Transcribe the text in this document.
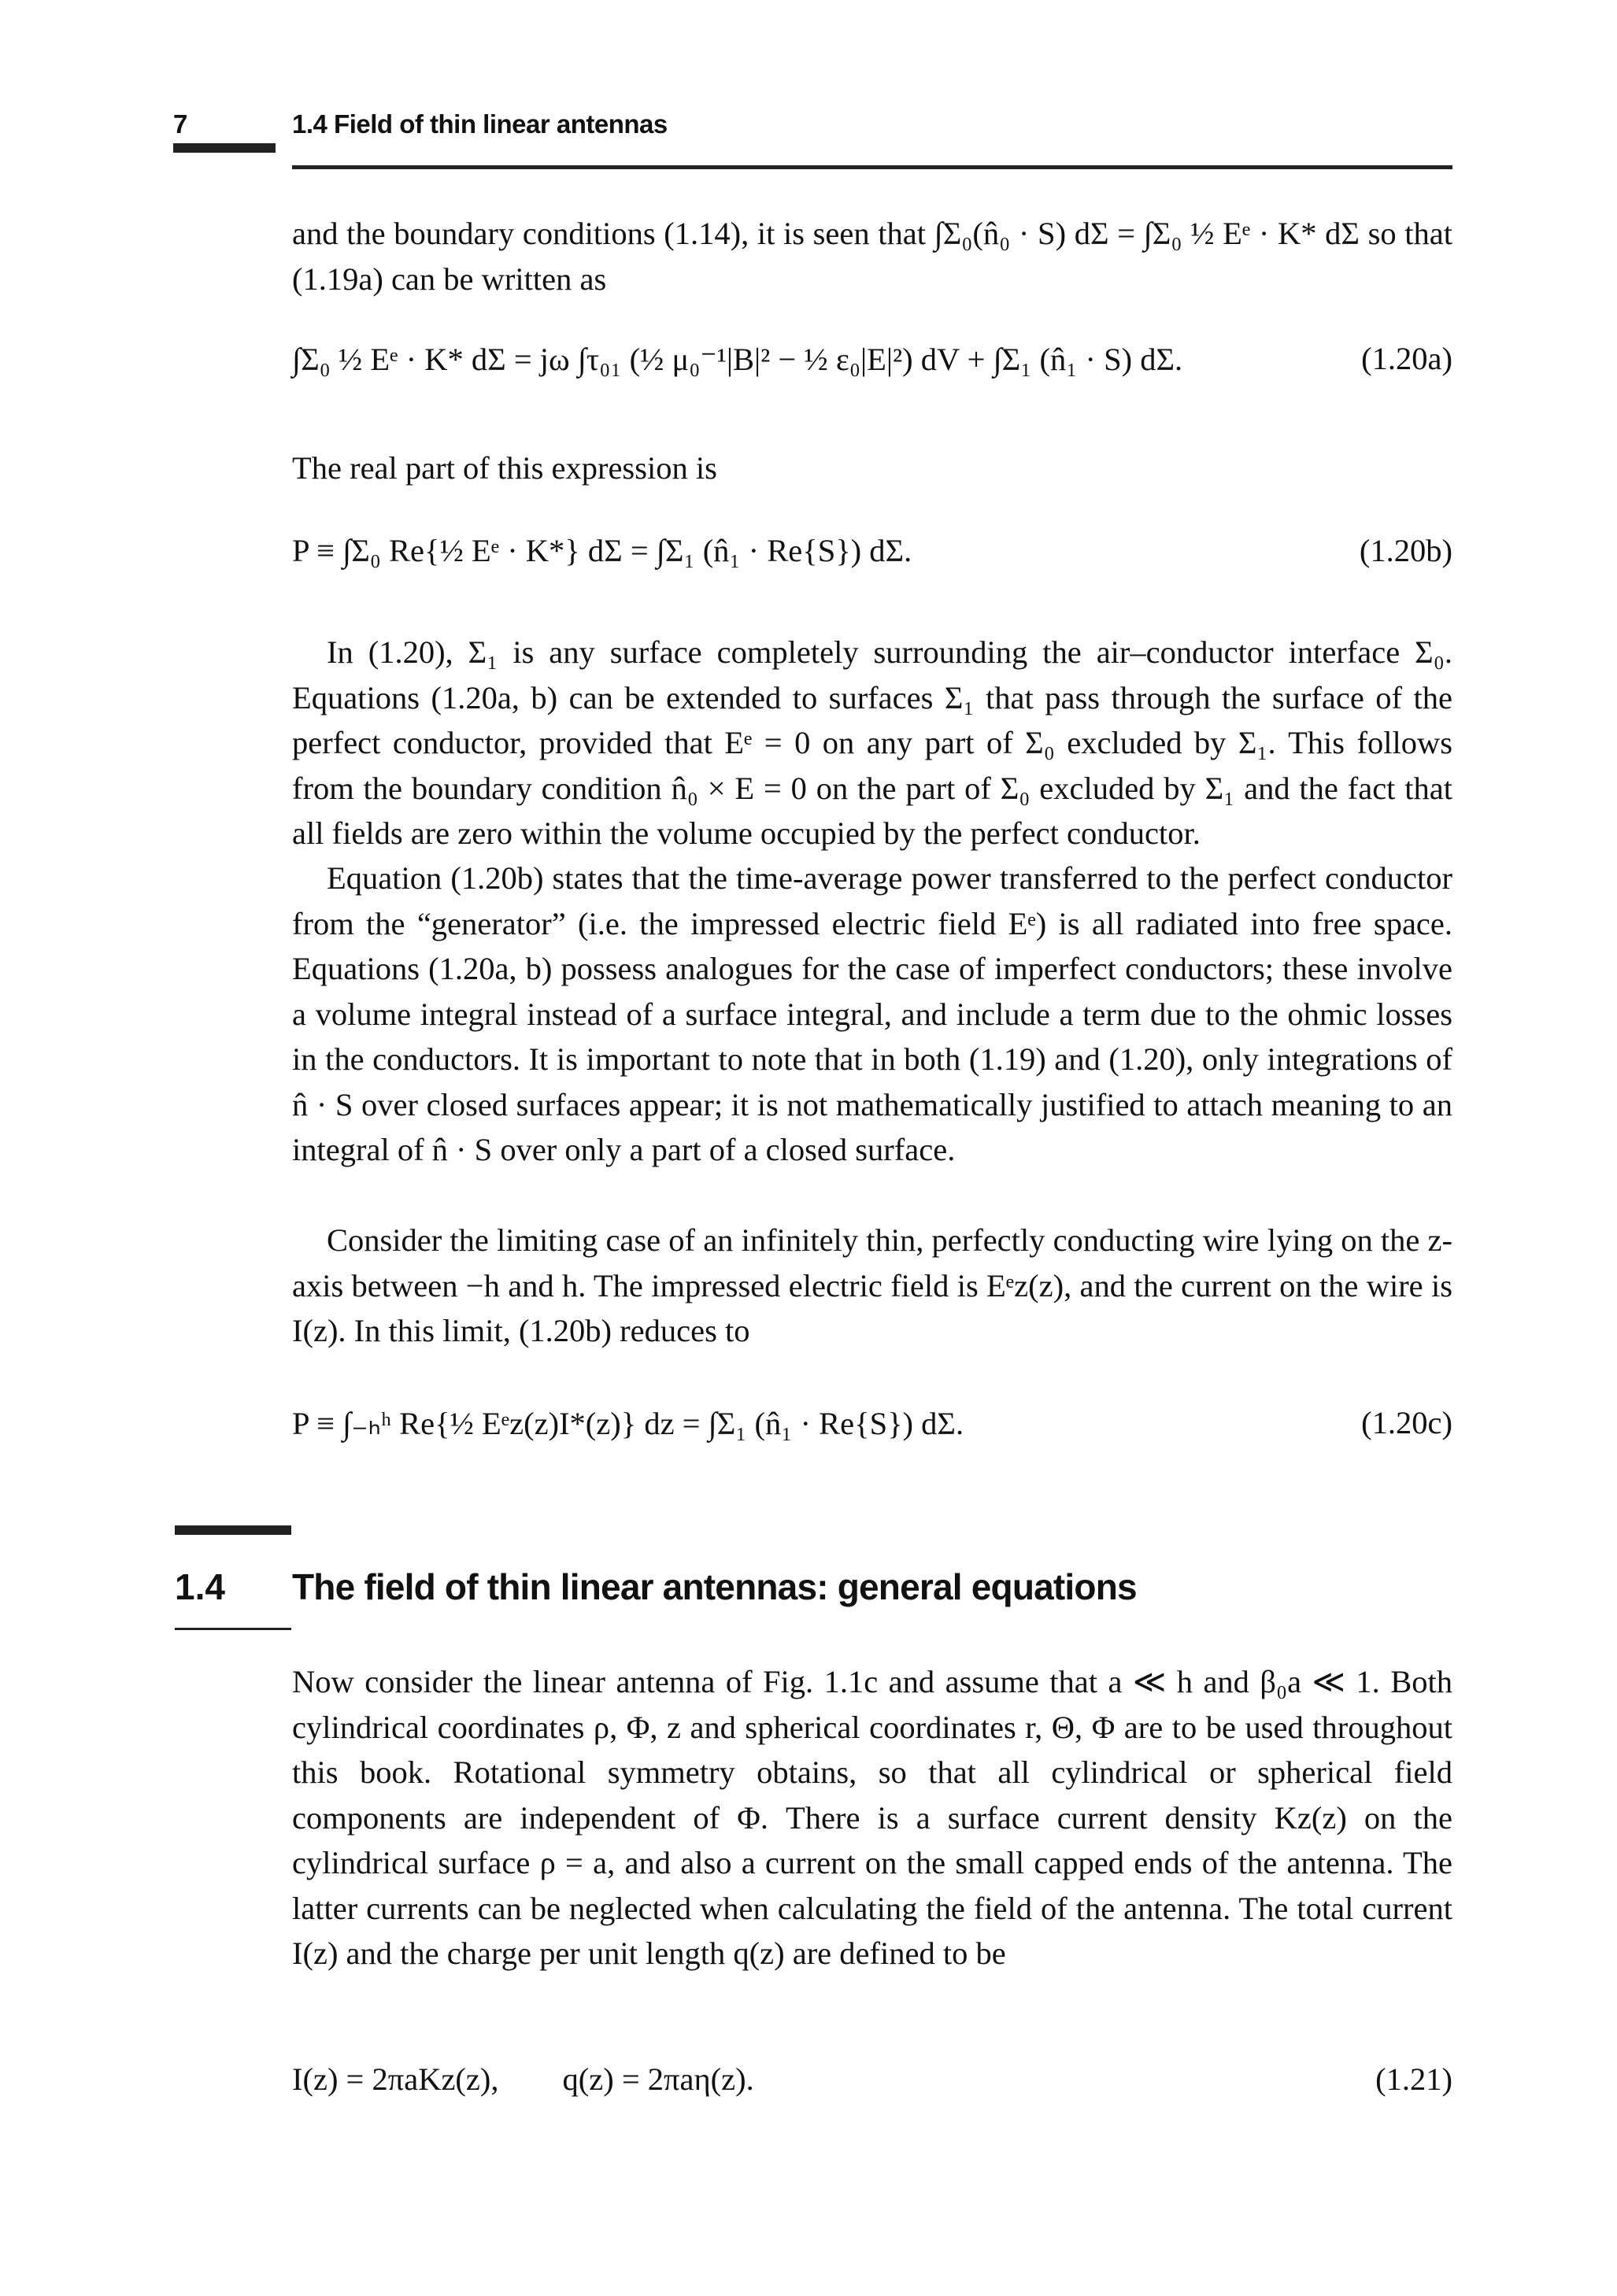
7	1.4 Field of thin linear antennas

and the boundary conditions (1.14), it is seen that ∫Σ₀(n̂₀ · S) dΣ = ∫Σ₀ ½ Eᵉ · K* dΣ so that (1.19a) can be written as

∫Σ₀ ½ Eᵉ · K* dΣ = jω ∫τ₀₁ (½ μ₀⁻¹|B|² − ½ ε₀|E|²) dV + ∫Σ₁ (n̂₁ · S) dΣ.	(1.20a)

The real part of this expression is

P ≡ ∫Σ₀ Re{½ Eᵉ · K*} dΣ = ∫Σ₁ (n̂₁ · Re{S}) dΣ.	(1.20b)

In (1.20), Σ₁ is any surface completely surrounding the air–conductor interface Σ₀. Equations (1.20a, b) can be extended to surfaces Σ₁ that pass through the surface of the perfect conductor, provided that Eᵉ = 0 on any part of Σ₀ excluded by Σ₁. This follows from the boundary condition n̂₀ × E = 0 on the part of Σ₀ excluded by Σ₁ and the fact that all fields are zero within the volume occupied by the perfect conductor.

Equation (1.20b) states that the time-average power transferred to the perfect conductor from the “generator” (i.e. the impressed electric field Eᵉ) is all radiated into free space. Equations (1.20a, b) possess analogues for the case of imperfect conductors; these involve a volume integral instead of a surface integral, and include a term due to the ohmic losses in the conductors. It is important to note that in both (1.19) and (1.20), only integrations of n̂ · S over closed surfaces appear; it is not mathematically justified to attach meaning to an integral of n̂ · S over only a part of a closed surface.

Consider the limiting case of an infinitely thin, perfectly conducting wire lying on the z-axis between −h and h. The impressed electric field is Eᵉz(z), and the current on the wire is I(z). In this limit, (1.20b) reduces to

P ≡ ∫₋ₕʰ Re{½ Eᵉz(z)I*(z)} dz = ∫Σ₁ (n̂₁ · Re{S}) dΣ.	(1.20c)
1.4 The field of thin linear antennas: general equations

Now consider the linear antenna of Fig. 1.1c and assume that a ≪ h and β₀a ≪ 1. Both cylindrical coordinates ρ, Φ, z and spherical coordinates r, Θ, Φ are to be used throughout this book. Rotational symmetry obtains, so that all cylindrical or spherical field components are independent of Φ. There is a surface current density Kz(z) on the cylindrical surface ρ = a, and also a current on the small capped ends of the antenna. The latter currents can be neglected when calculating the field of the antenna. The total current I(z) and the charge per unit length q(z) are defined to be

I(z) = 2πaKz(z),        q(z) = 2πaη(z).	(1.21)
